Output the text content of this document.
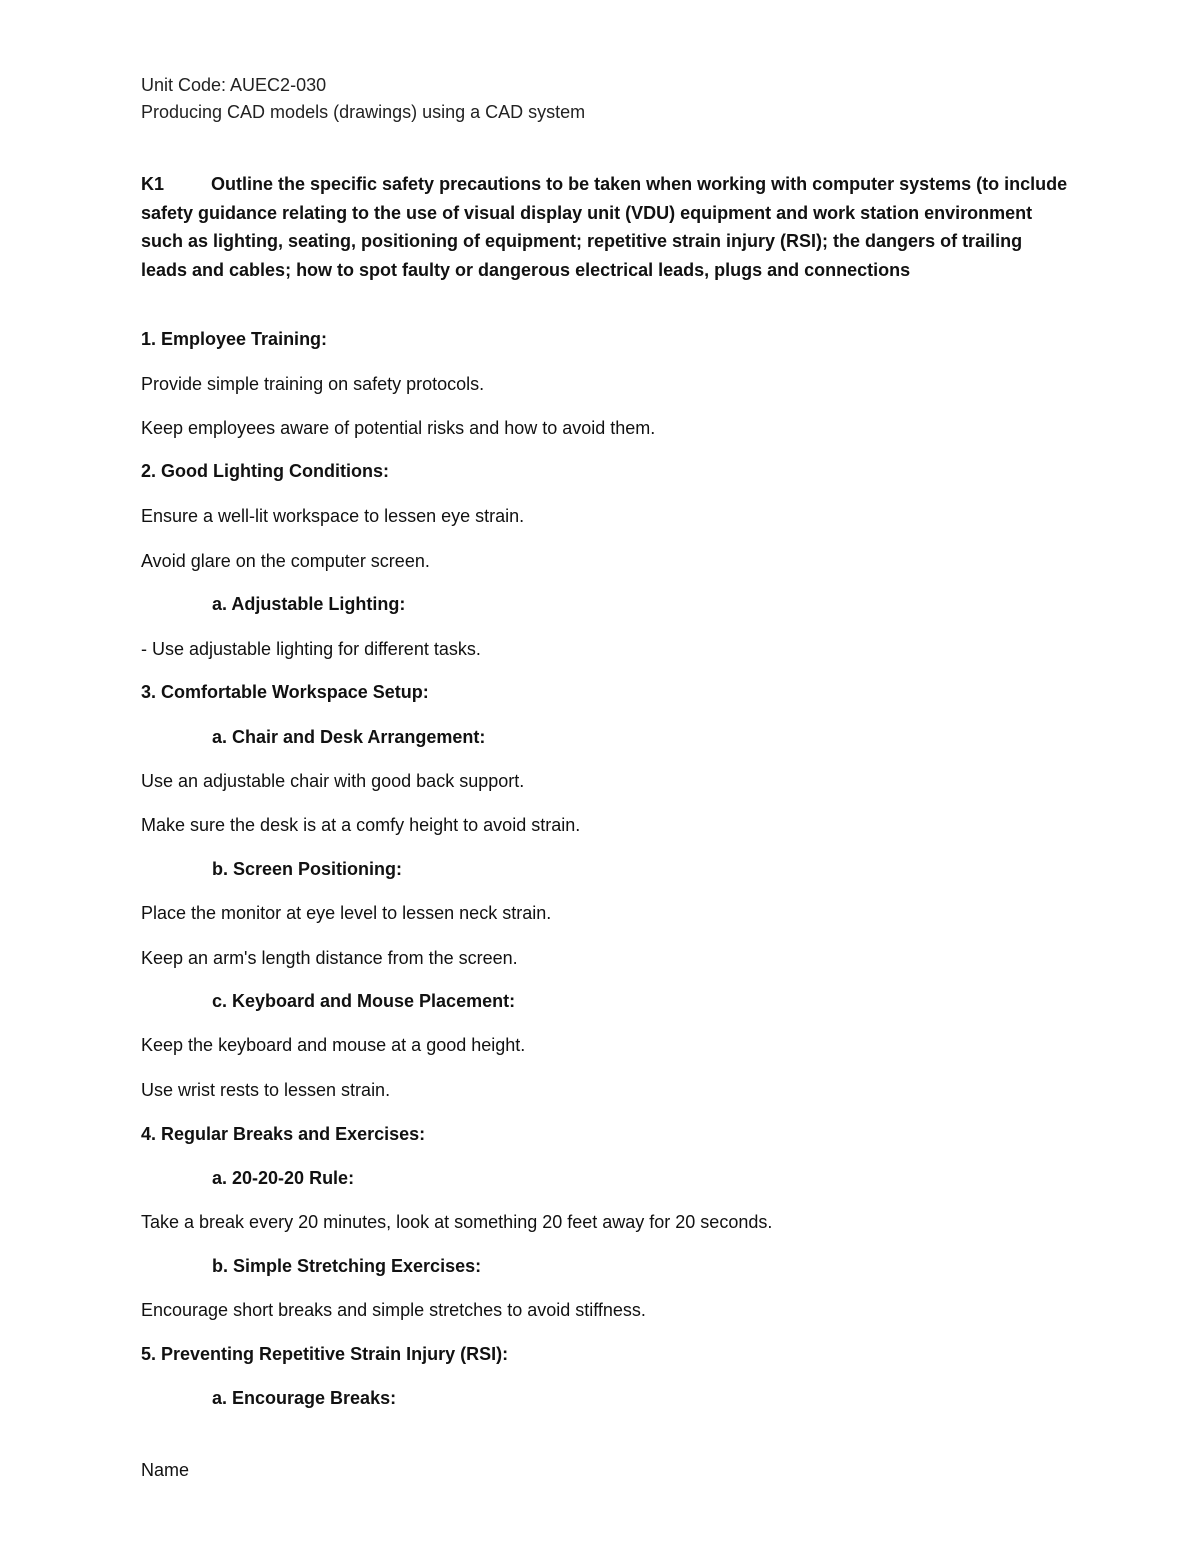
Unit Code: AUEC2-030
Producing CAD models (drawings) using a CAD system
K1	Outline the specific safety precautions to be taken when working with computer systems (to include safety guidance relating to the use of visual display unit (VDU) equipment and work station environment such as lighting, seating, positioning of equipment; repetitive strain injury (RSI); the dangers of trailing leads and cables; how to spot faulty or dangerous electrical leads, plugs and connections
1. Employee Training:
Provide simple training on safety protocols.
Keep employees aware of potential risks and how to avoid them.
2. Good Lighting Conditions:
Ensure a well-lit workspace to lessen eye strain.
Avoid glare on the computer screen.
a. Adjustable Lighting:
- Use adjustable lighting for different tasks.
3. Comfortable Workspace Setup:
a. Chair and Desk Arrangement:
Use an adjustable chair with good back support.
Make sure the desk is at a comfy height to avoid strain.
b. Screen Positioning:
Place the monitor at eye level to lessen neck strain.
Keep an arm's length distance from the screen.
c. Keyboard and Mouse Placement:
Keep the keyboard and mouse at a good height.
Use wrist rests to lessen strain.
4. Regular Breaks and Exercises:
a. 20-20-20 Rule:
Take a break every 20 minutes, look at something 20 feet away for 20 seconds.
b. Simple Stretching Exercises:
Encourage short breaks and simple stretches to avoid stiffness.
5. Preventing Repetitive Strain Injury (RSI):
a. Encourage Breaks:
Name
